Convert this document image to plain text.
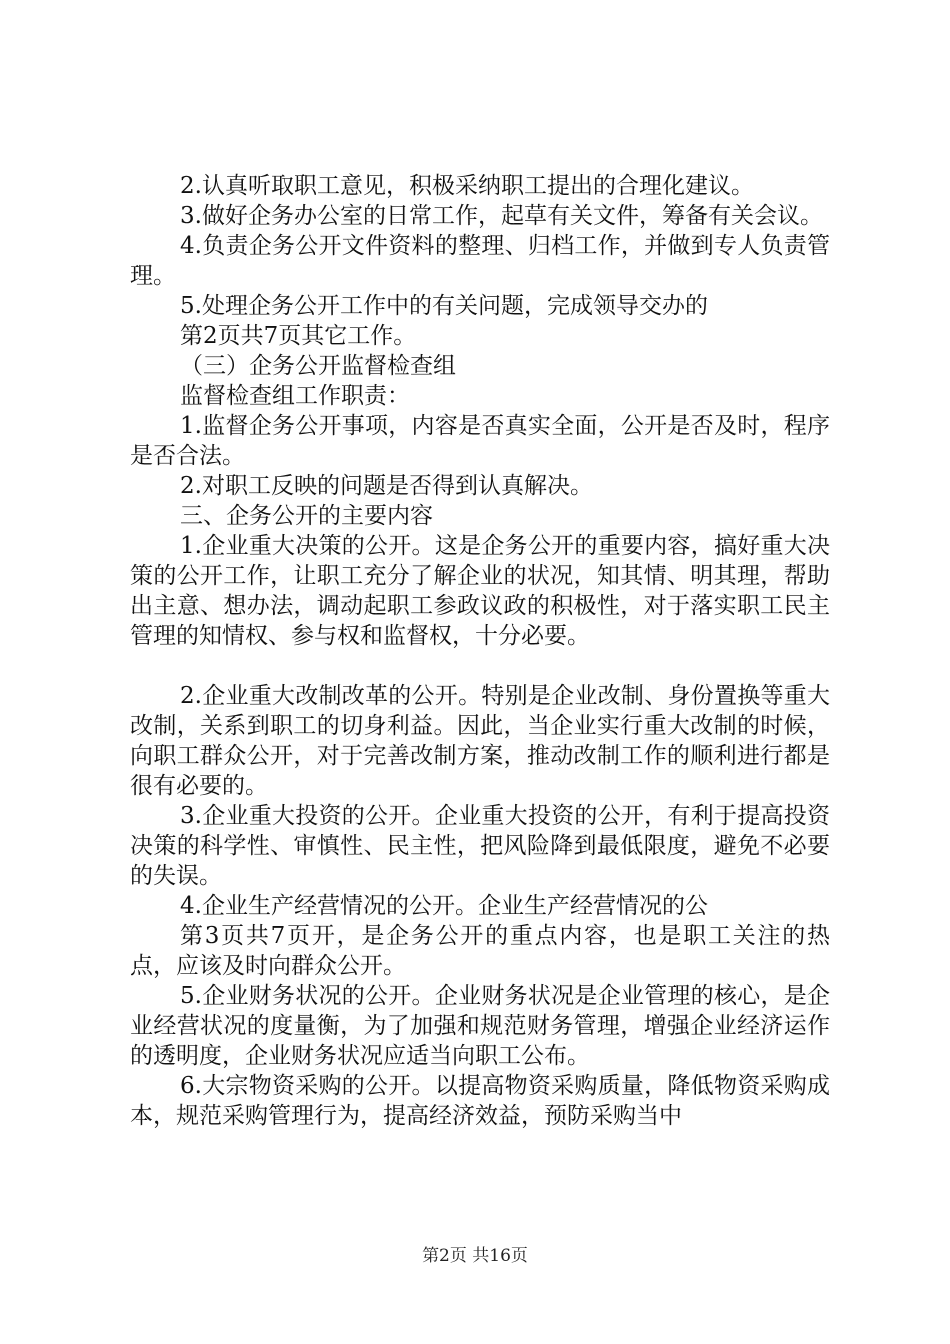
2.认真听取职工意见，积极采纳职工提出的合理化建议。

3.做好企务办公室的日常工作，起草有关文件，筹备有关会议。

4.负责企务公开文件资料的整理、归档工作，并做到专人负责管理。

5.处理企务公开工作中的有关问题，完成领导交办的

第2页共7页其它工作。

（三）企务公开监督检查组

监督检查组工作职责：

1.监督企务公开事项，内容是否真实全面，公开是否及时，程序是否合法。

2.对职工反映的问题是否得到认真解决。

三、企务公开的主要内容

1.企业重大决策的公开。这是企务公开的重要内容，搞好重大决策的公开工作，让职工充分了解企业的状况，知其情、明其理，帮助出主意、想办法，调动起职工参政议政的积极性，对于落实职工民主管理的知情权、参与权和监督权，十分必要。

2.企业重大改制改革的公开。特别是企业改制、身份置换等重大改制，关系到职工的切身利益。因此，当企业实行重大改制的时候，向职工群众公开，对于完善改制方案，推动改制工作的顺利进行都是很有必要的。

3.企业重大投资的公开。企业重大投资的公开，有利于提高投资决策的科学性、审慎性、民主性，把风险降到最低限度，避免不必要的失误。

4.企业生产经营情况的公开。企业生产经营情况的公

第3页共7页开，是企务公开的重点内容，也是职工关注的热点，应该及时向群众公开。

5.企业财务状况的公开。企业财务状况是企业管理的核心，是企业经营状况的度量衡，为了加强和规范财务管理，增强企业经济运作的透明度，企业财务状况应适当向职工公布。

6.大宗物资采购的公开。以提高物资采购质量，降低物资采购成本，规范采购管理行为，提高经济效益，预防采购当中

第2页 共16页
